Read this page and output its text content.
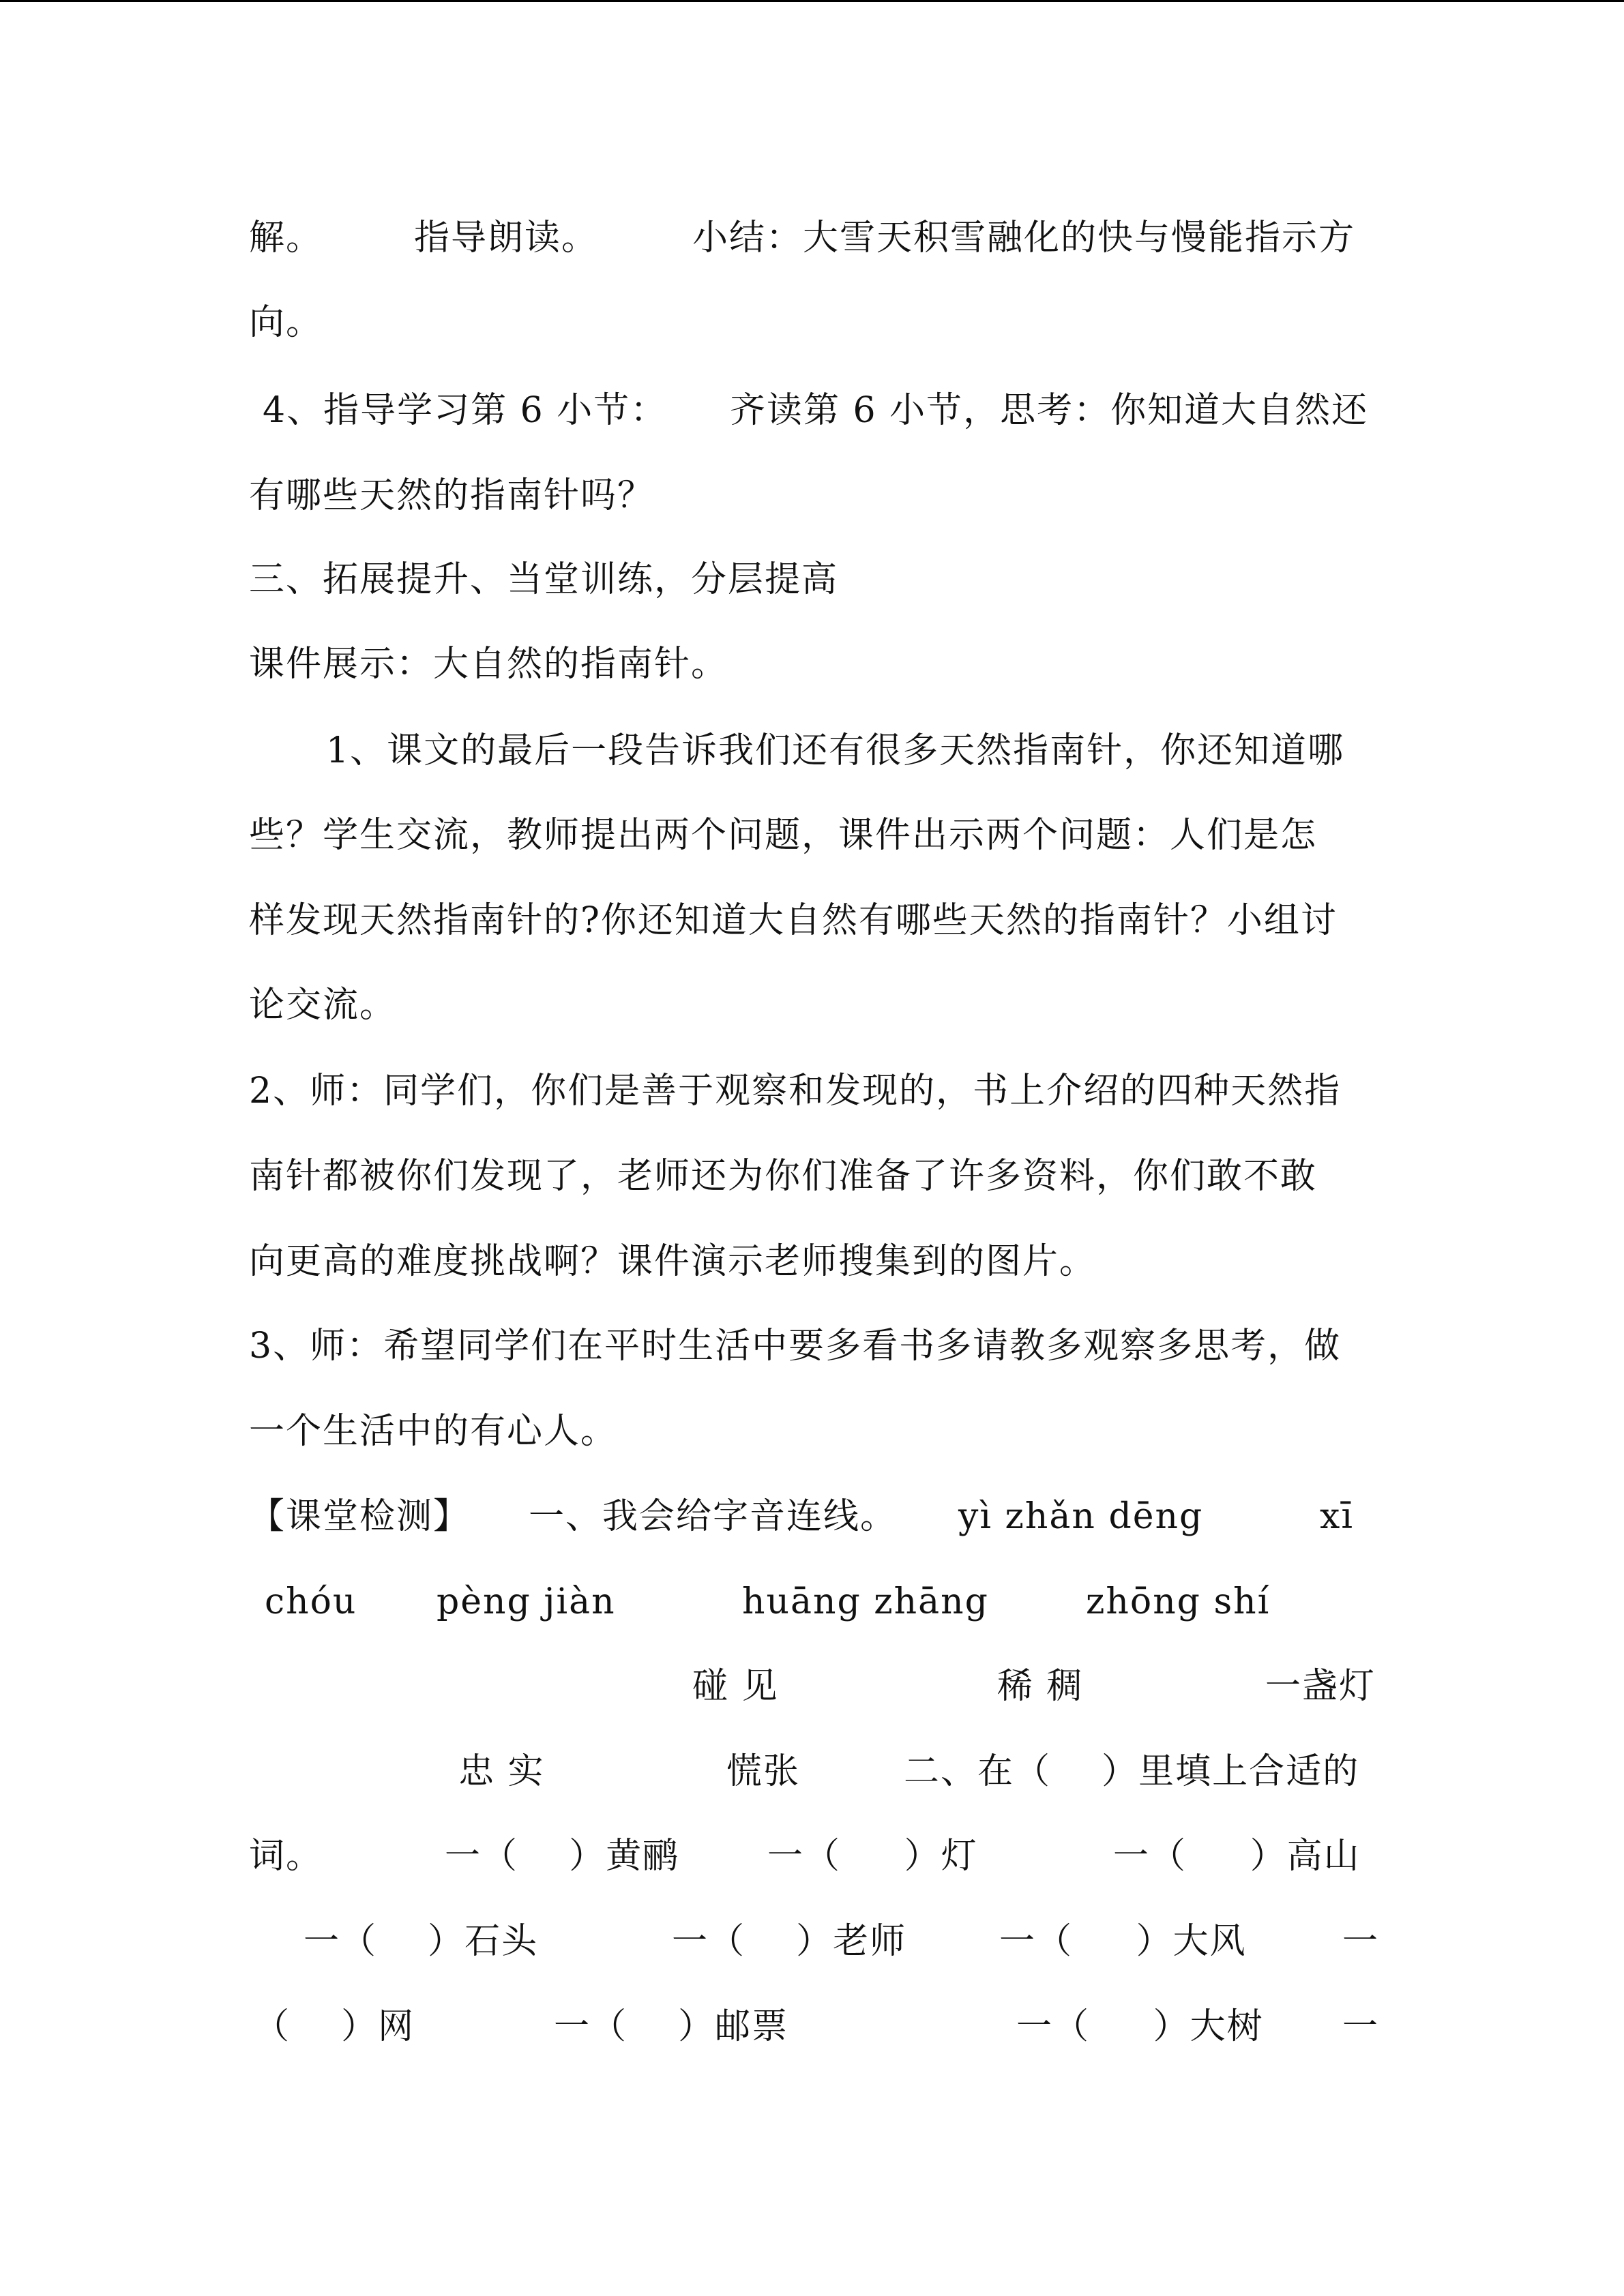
解。	指导朗读。	小结：大雪天积雪融化的快与慢能指示方
向。
4、指导学习第 6 小节： 齐读第 6 小节，思考：你知道大自然还
有哪些天然的指南针吗？
三、拓展提升、当堂训练，分层提高
课件展示：大自然的指南针。
1、课文的最后一段告诉我们还有很多天然指南针，你还知道哪
些？学生交流，教师提出两个问题，课件出示两个问题：人们是怎
样发现天然指南针的?你还知道大自然有哪些天然的指南针？小组讨
论交流。
2、师：同学们，你们是善于观察和发现的，书上介绍的四种天然指
南针都被你们发现了，老师还为你们准备了许多资料，你们敢不敢
向更高的难度挑战啊？课件演示老师搜集到的图片。
3、师：希望同学们在平时生活中要多看书多请教多观察多思考，做
一个生活中的有心人。
【课堂检测】 一、我会给字音连线。 yì zhǎn dēng	xī
chóu pèng jiàn	huāng zhāng	zhōng shí
碰 见	稀 稠	一盏灯
忠 实	慌张	二、在（    ）里填上合适的
词。	一（    ）黄鹂 一（     ）灯	一（     ）高山
一（    ）石头	一（    ）老师	一（     ）大风	一
（    ）网	一（    ）邮票	一（     ）大树 一
